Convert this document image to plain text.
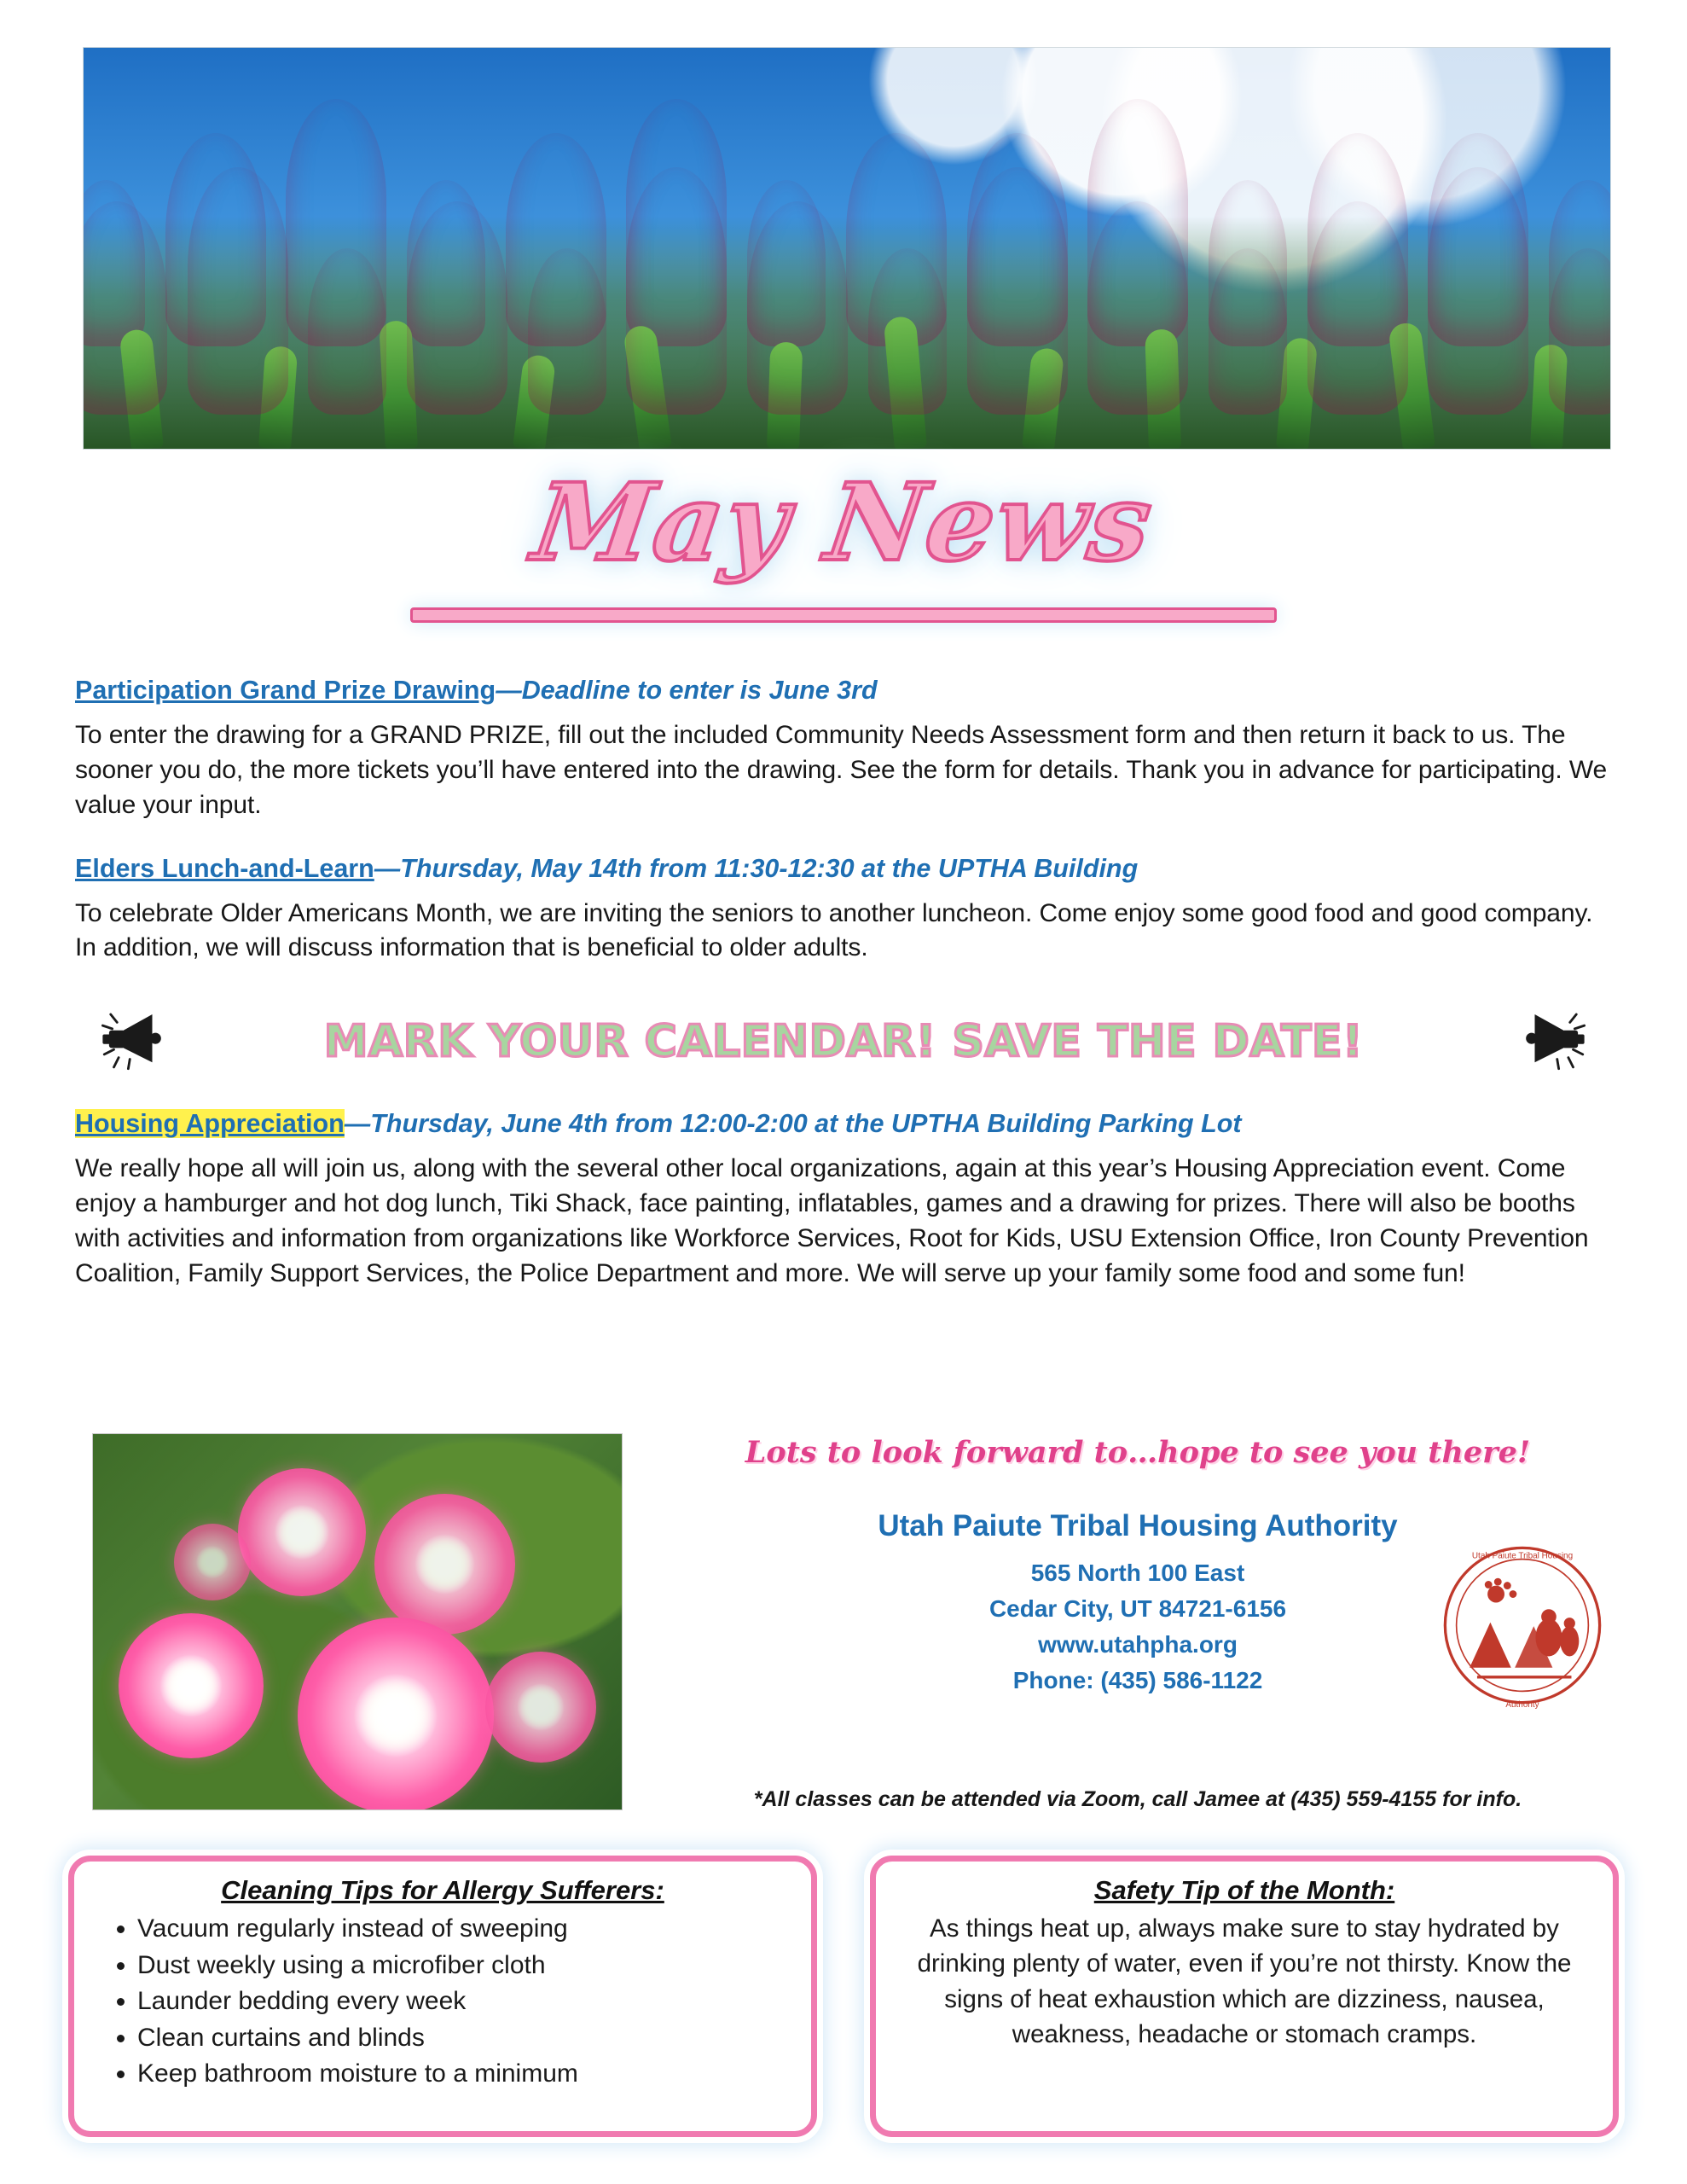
May News
Participation Grand Prize Drawing—Deadline to enter is June 3rd

To enter the drawing for a GRAND PRIZE, fill out the included Community Needs Assessment form and then return it back to us. The sooner you do, the more tickets you’ll have entered into the drawing. See the form for details. Thank you in advance for participating. We value your input.

Elders Lunch-and-Learn—Thursday, May 14th from 11:30-12:30 at the UPTHA Building

To celebrate Older Americans Month, we are inviting the seniors to another luncheon. Come enjoy some good food and good company. In addition, we will discuss information that is beneficial to older adults.

MARK YOUR CALENDAR! SAVE THE DATE!
Housing Appreciation—Thursday, June 4th from 12:00-2:00 at the UPTHA Building Parking Lot

We really hope all will join us, along with the several other local organizations, again at this year’s Housing Appreciation event. Come enjoy a hamburger and hot dog lunch, Tiki Shack, face painting, inflatables, games and a drawing for prizes. There will also be booths with activities and information from organizations like Workforce Services, Root for Kids, USU Extension Office, Iron County Prevention Coalition, Family Support Services, the Police Department and more. We will serve up your family some food and some fun!

Lots to look forward to…hope to see you there!
Utah Paiute Tribal Housing Authority
565 North 100 East
Cedar City, UT 84721-6156
www.utahpha.org
Phone: (435) 586-1122
Utah Paiute Tribal Housing
Authority
*All classes can be attended via Zoom, call Jamee at (435) 559-4155 for info.
Cleaning Tips for Allergy Sufferers:
• Vacuum regularly instead of sweeping
• Dust weekly using a microfiber cloth
• Launder bedding every week
• Clean curtains and blinds
• Keep bathroom moisture to a minimum
Safety Tip of the Month:

As things heat up, always make sure to stay hydrated by drinking plenty of water, even if you’re not thirsty. Know the signs of heat exhaustion which are dizziness, nausea, weakness, headache or stomach cramps.
